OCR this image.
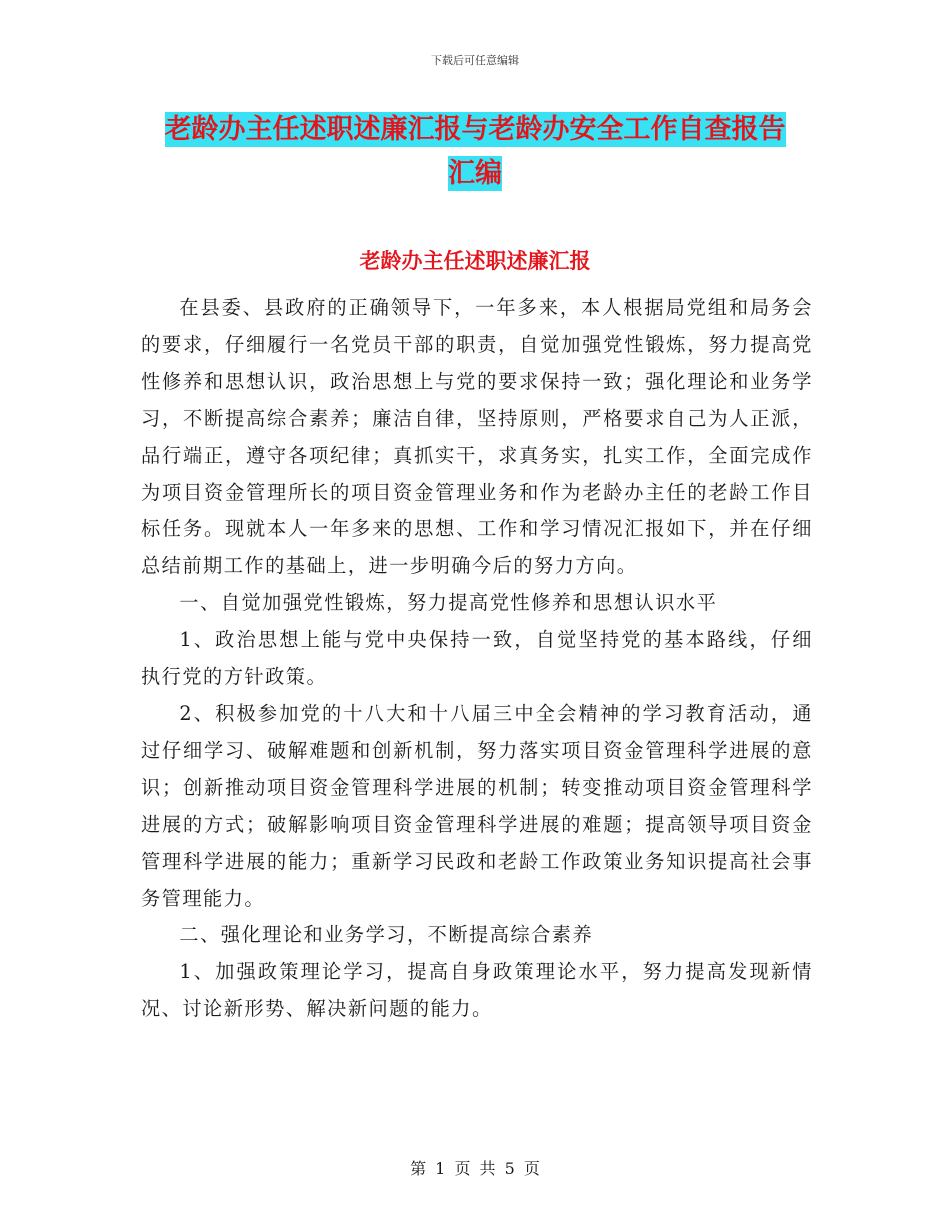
下载后可任意编辑
老龄办主任述职述廉汇报与老龄办安全工作自查报告
汇编
老龄办主任述职述廉汇报

在县委、县政府的正确领导下，一年多来，本人根据局党组和局务会的要求，仔细履行一名党员干部的职责，自觉加强党性锻炼，努力提高党性修养和思想认识，政治思想上与党的要求保持一致；强化理论和业务学习，不断提高综合素养；廉洁自律，坚持原则，严格要求自己为人正派，品行端正，遵守各项纪律；真抓实干，求真务实，扎实工作，全面完成作为项目资金管理所长的项目资金管理业务和作为老龄办主任的老龄工作目标任务。现就本人一年多来的思想、工作和学习情况汇报如下，并在仔细总结前期工作的基础上，进一步明确今后的努力方向。

一、自觉加强党性锻炼，努力提高党性修养和思想认识水平

1、政治思想上能与党中央保持一致，自觉坚持党的基本路线，仔细执行党的方针政策。

2、积极参加党的十八大和十八届三中全会精神的学习教育活动，通过仔细学习、破解难题和创新机制，努力落实项目资金管理科学进展的意识；创新推动项目资金管理科学进展的机制；转变推动项目资金管理科学进展的方式；破解影响项目资金管理科学进展的难题；提高领导项目资金管理科学进展的能力；重新学习民政和老龄工作政策业务知识提高社会事务管理能力。

二、强化理论和业务学习，不断提高综合素养

1、加强政策理论学习，提高自身政策理论水平，努力提高发现新情况、讨论新形势、解决新问题的能力。

第 1 页 共 5 页
